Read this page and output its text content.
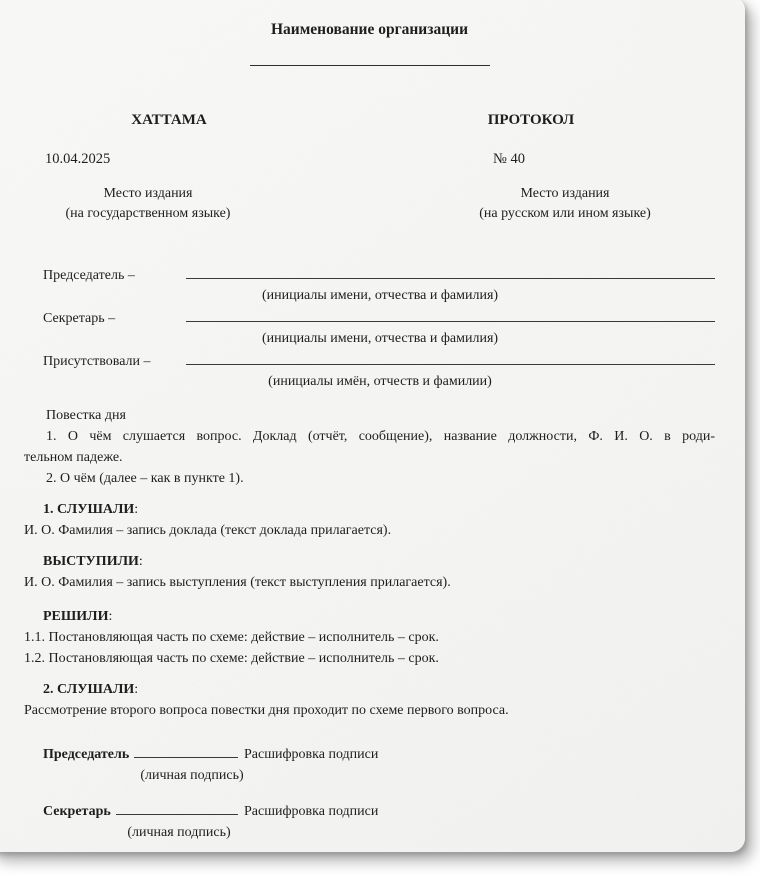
Наименование организации
ХАТТАМА
10.04.2025
Место издания
(на государственном языке)
ПРОТОКОЛ
№ 40
Место издания
(на русском или ином языке)
Председатель –
(инициалы имени, отчества и фамилия)
Секретарь –
(инициалы имени, отчества и фамилия)
Присутствовали –
(инициалы имён, отчеств и фамилии)
Повестка дня
1. О чём слушается вопрос. Доклад (отчёт, сообщение), название должности, Ф. И. О. в роди-
тельном падеже.
2. О чём (далее – как в пункте 1).
1. СЛУШАЛИ:
И. О. Фамилия – запись доклада (текст доклада прилагается).
ВЫСТУПИЛИ:
И. О. Фамилия – запись выступления (текст выступления прилагается).
РЕШИЛИ:
1.1. Постановляющая часть по схеме: действие – исполнитель – срок.
1.2. Постановляющая часть по схеме: действие – исполнитель – срок.
2. СЛУШАЛИ:
Рассмотрение второго вопроса повестки дня проходит по схеме первого вопроса.
Председатель	Расшифровка подписи
(личная подпись)
Секретарь	Расшифровка подписи
(личная подпись)
